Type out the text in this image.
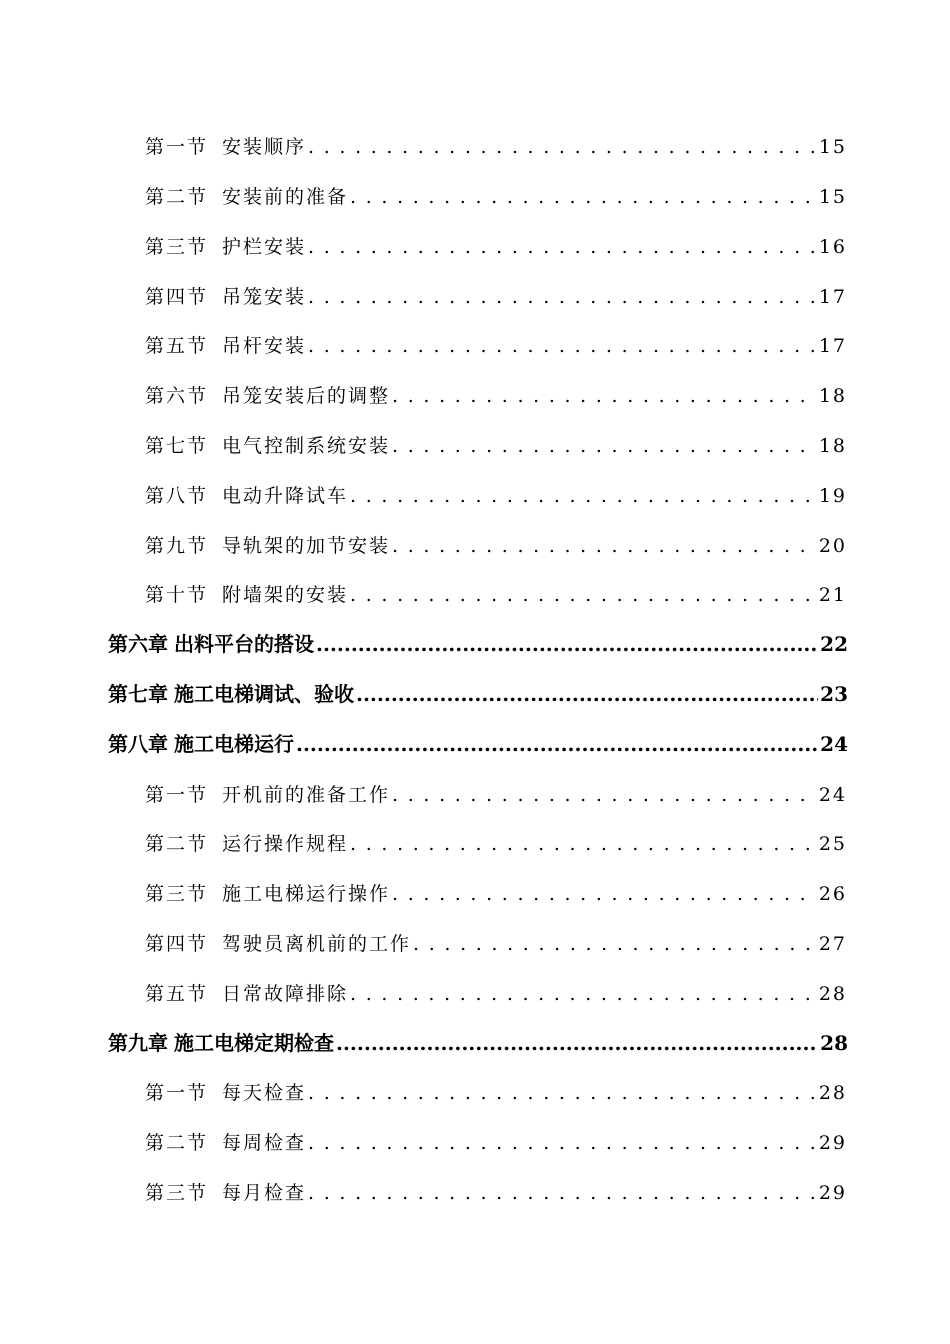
第一节 安装顺序 . . .	15
第二节 安装前的准备 . . .	15
第三节 护栏安装 . . .	16
第四节 吊笼安装 . . .	17
第五节 吊杆安装 . . .	17
第六节 吊笼安装后的调整 . . .	18
第七节 电气控制系统安装 . . .	18
第八节 电动升降试车 . . .	19
第九节 导轨架的加节安装 . . .	20
第十节 附墙架的安装 . . .	21
第六章 出料平台的搭设 .....	22
第七章 施工电梯调试、验收 .....	23
第八章 施工电梯运行 .....	24
第一节 开机前的准备工作 . . .	24
第二节 运行操作规程 . . .	25
第三节 施工电梯运行操作 . . .	26
第四节 驾驶员离机前的工作 . . .	27
第五节 日常故障排除 . . .	28
第九章 施工电梯定期检查 .....	28
第一节 每天检查 . . .	28
第二节 每周检查 . . .	29
第三节 每月检查 . . .	29
